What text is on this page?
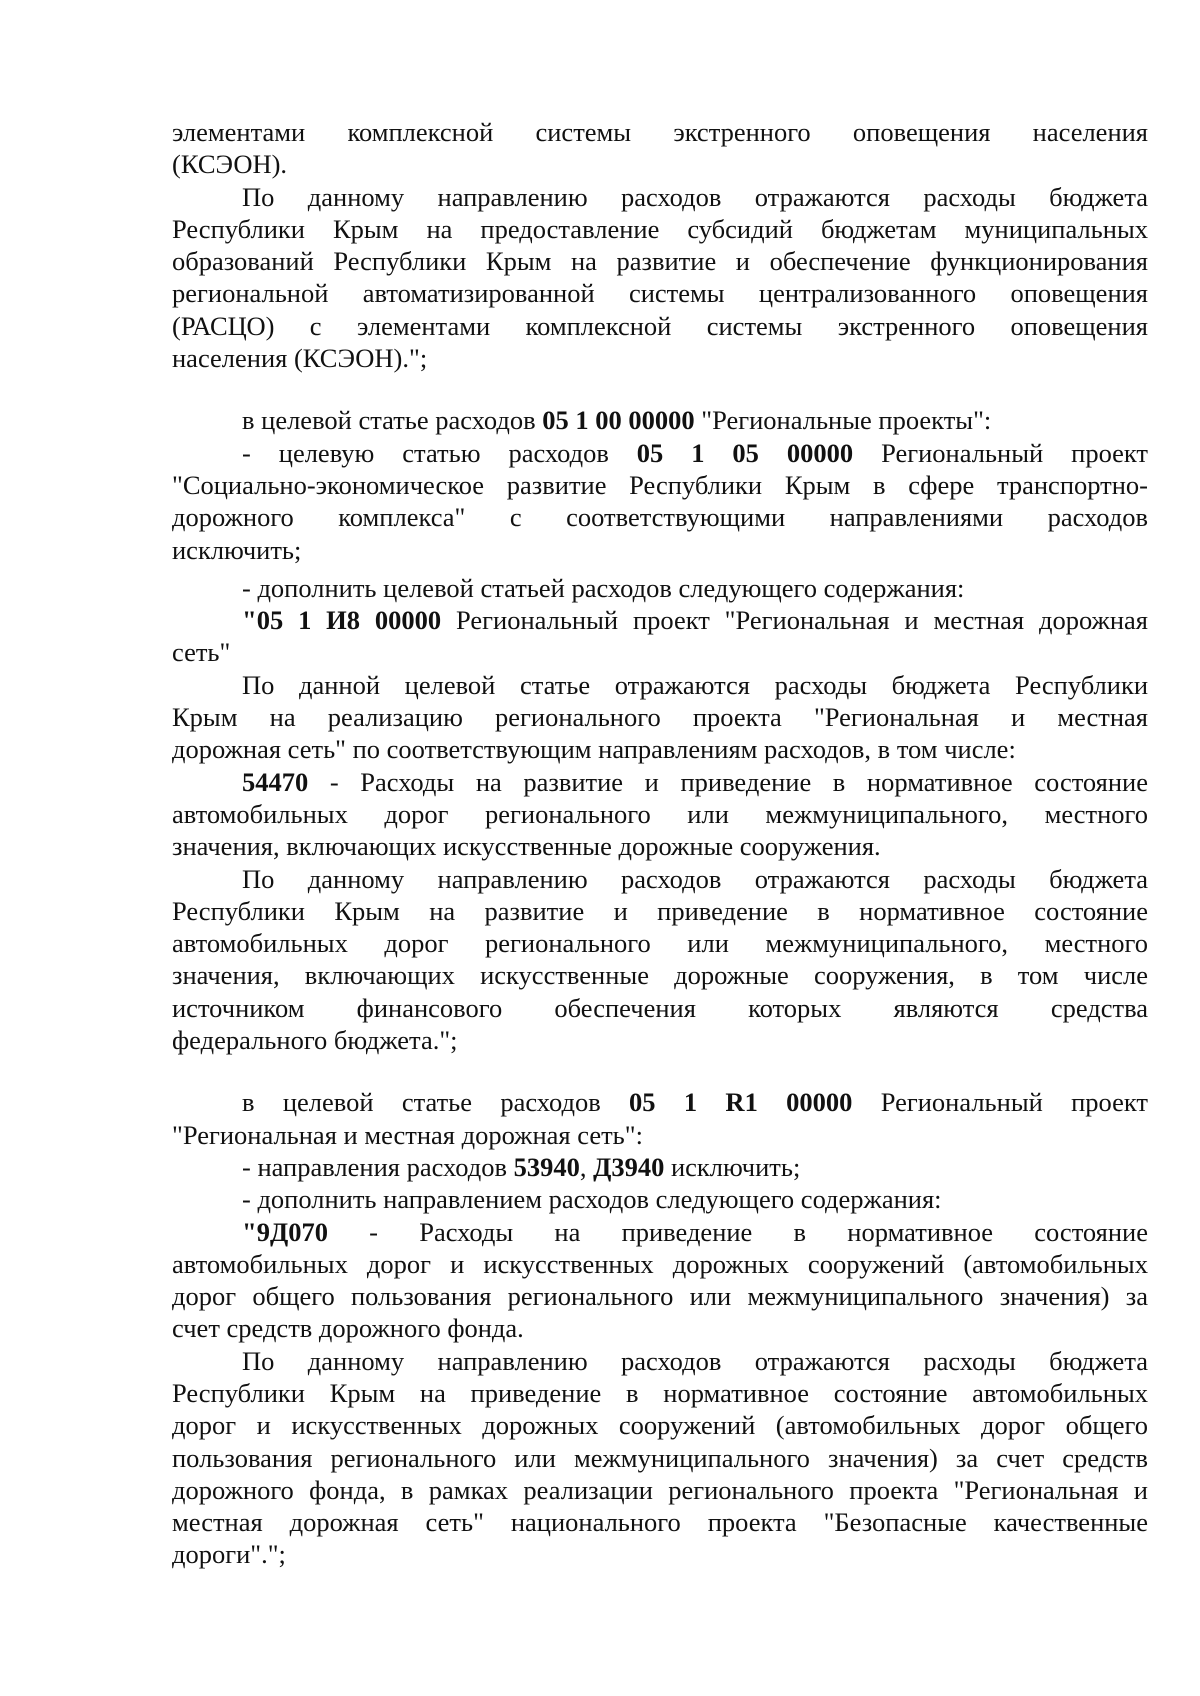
элементами комплексной системы экстренного оповещения населения
(КСЭОН).
По данному направлению расходов отражаются расходы бюджета
Республики Крым на предоставление субсидий бюджетам муниципальных
образований Республики Крым на развитие и обеспечение функционирования
региональной автоматизированной системы централизованного оповещения
(РАСЦО) с элементами комплексной системы экстренного оповещения
населения (КСЭОН).";
в целевой статье расходов 05 1 00 00000 "Региональные проекты":
- целевую статью расходов 05 1 05 00000 Региональный проект
"Социально-экономическое развитие Республики Крым в сфере транспортно-
дорожного комплекса" с соответствующими направлениями расходов
исключить;
- дополнить целевой статьей расходов следующего содержания:
"05 1 И8 00000 Региональный проект "Региональная и местная дорожная
сеть"
По данной целевой статье отражаются расходы бюджета Республики
Крым на реализацию регионального проекта "Региональная и местная
дорожная сеть" по соответствующим направлениям расходов, в том числе:
54470 - Расходы на развитие и приведение в нормативное состояние
автомобильных дорог регионального или межмуниципального, местного
значения, включающих искусственные дорожные сооружения.
По данному направлению расходов отражаются расходы бюджета
Республики Крым на развитие и приведение в нормативное состояние
автомобильных дорог регионального или межмуниципального, местного
значения, включающих искусственные дорожные сооружения, в том числе
источником финансового обеспечения которых являются средства
федерального бюджета.";
в целевой статье расходов 05 1 R1 00000 Региональный проект
"Региональная и местная дорожная сеть":
- направления расходов 53940, Д3940 исключить;
- дополнить направлением расходов следующего содержания:
"9Д070 - Расходы на приведение в нормативное состояние
автомобильных дорог и искусственных дорожных сооружений (автомобильных
дорог общего пользования регионального или межмуниципального значения) за
счет средств дорожного фонда.
По данному направлению расходов отражаются расходы бюджета
Республики Крым на приведение в нормативное состояние автомобильных
дорог и искусственных дорожных сооружений (автомобильных дорог общего
пользования регионального или межмуниципального значения) за счет средств
дорожного фонда, в рамках реализации регионального проекта "Региональная и
местная дорожная сеть" национального проекта "Безопасные качественные
дороги".";
